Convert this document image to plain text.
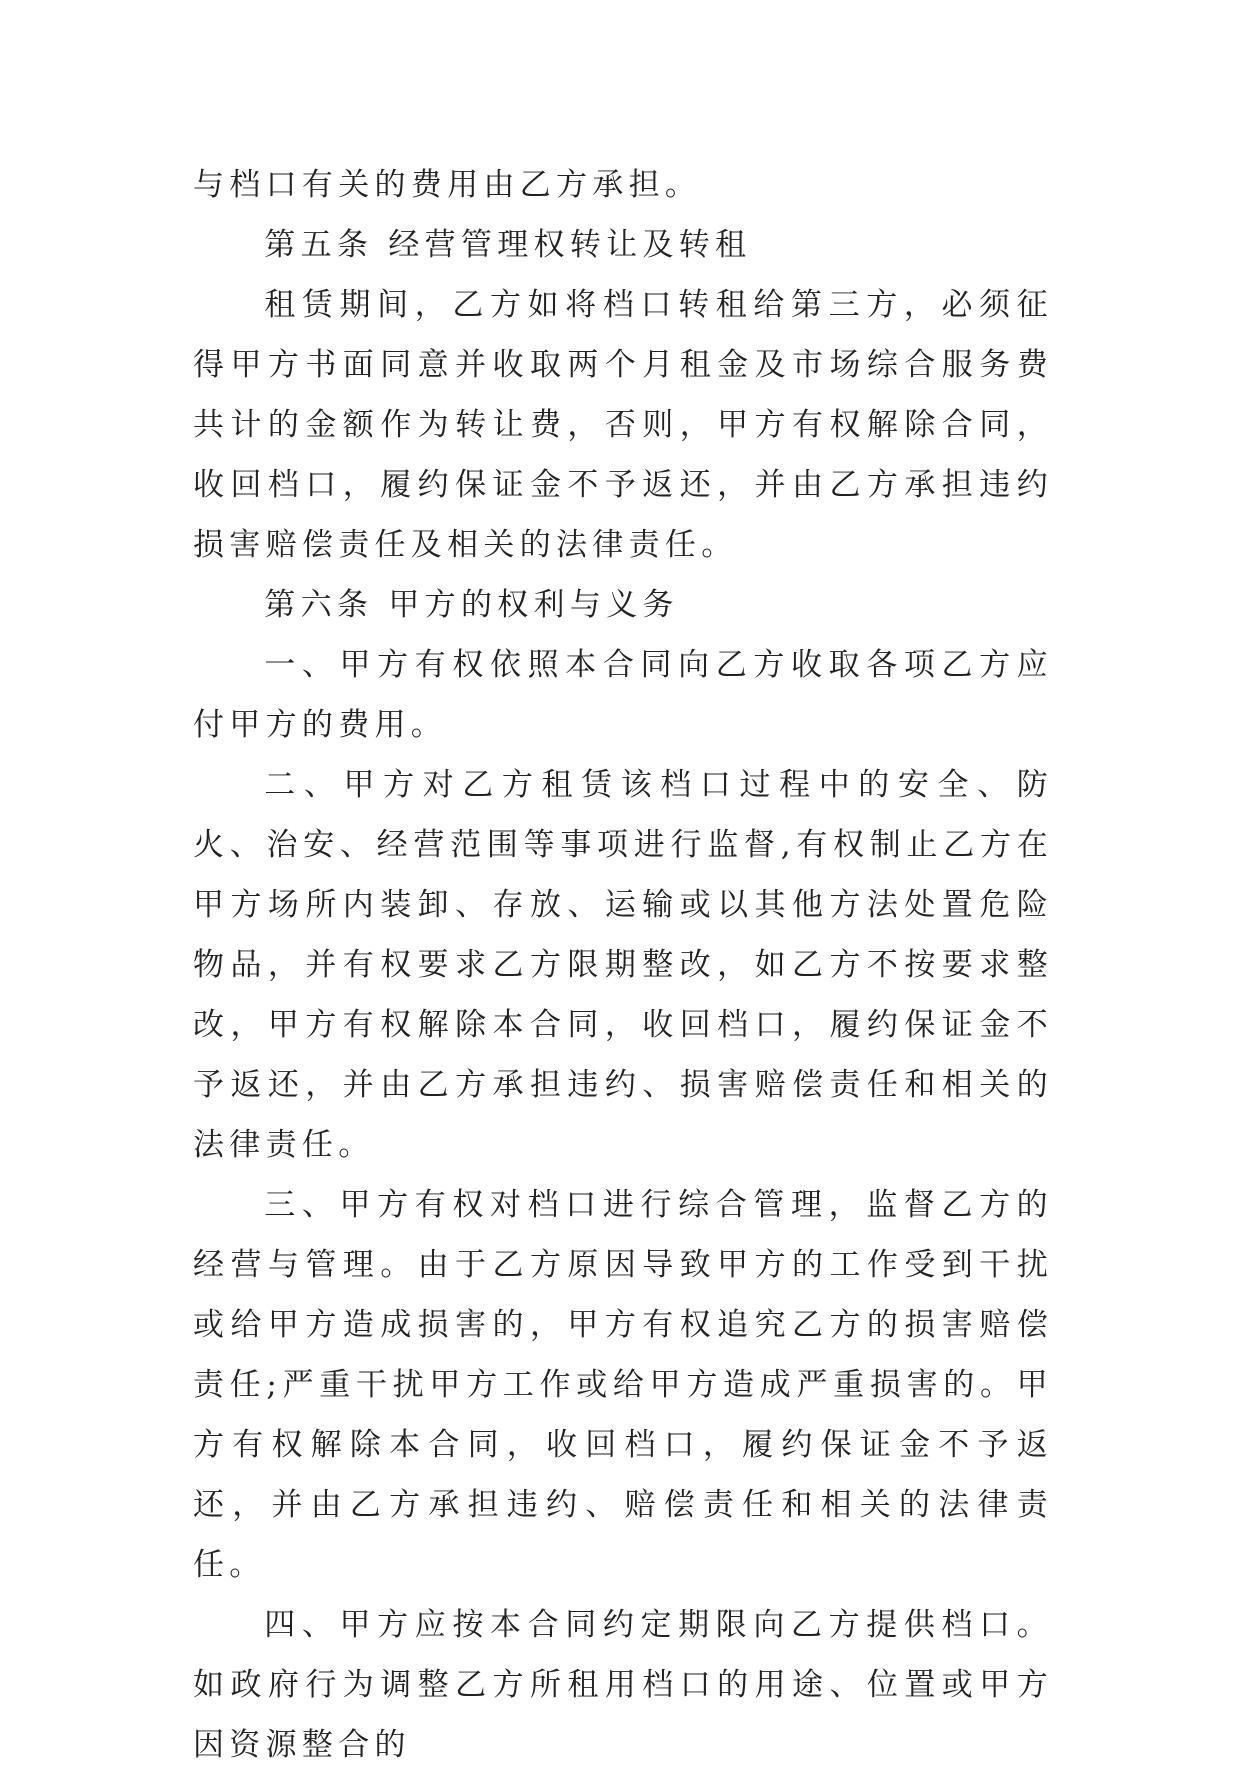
与档口有关的费用由乙方承担。

第五条 经营管理权转让及转租

租赁期间，乙方如将档口转租给第三方，必须征得甲方书面同意并收取两个月租金及市场综合服务费共计的金额作为转让费，否则，甲方有权解除合同，收回档口，履约保证金不予返还，并由乙方承担违约损害赔偿责任及相关的法律责任。

第六条 甲方的权利与义务

一、甲方有权依照本合同向乙方收取各项乙方应付甲方的费用。

二、甲方对乙方租赁该档口过程中的安全、防火、治安、经营范围等事项进行监督,有权制止乙方在甲方场所内装卸、存放、运输或以其他方法处置危险物品，并有权要求乙方限期整改，如乙方不按要求整改，甲方有权解除本合同，收回档口，履约保证金不予返还，并由乙方承担违约、损害赔偿责任和相关的法律责任。

三、甲方有权对档口进行综合管理，监督乙方的经营与管理。由于乙方原因导致甲方的工作受到干扰或给甲方造成损害的，甲方有权追究乙方的损害赔偿责任;严重干扰甲方工作或给甲方造成严重损害的。甲方有权解除本合同，收回档口，履约保证金不予返还，并由乙方承担违约、赔偿责任和相关的法律责任。

四、甲方应按本合同约定期限向乙方提供档口。如政府行为调整乙方所租用档口的用途、位置或甲方因资源整合的
